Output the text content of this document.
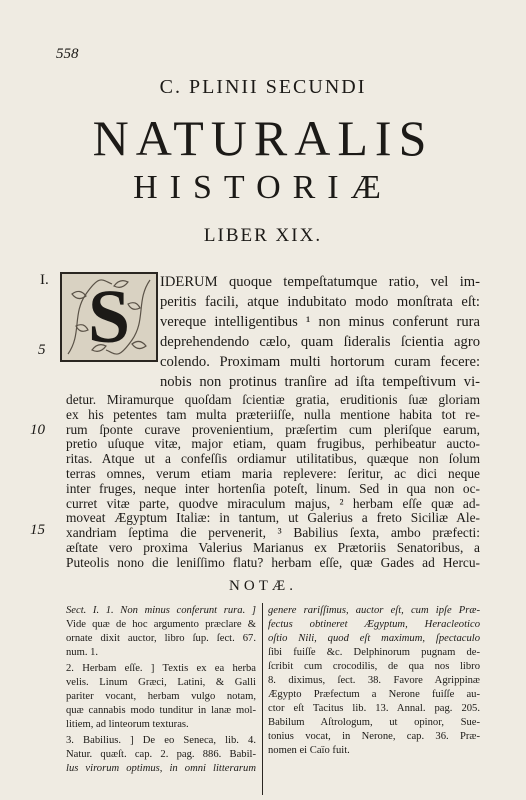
558
C. PLINII SECUNDI
NATURALIS
HISTORIÆ
LIBER XIX.
I. S
5
10
15
IDERUM quoque tempeſtatumque ratio, vel im-
peritis facili, atque indubitato modo monſtrata eſt:
vereque intelligentibus ¹ non minus conferunt rura
deprehendendo cælo, quam ſideralis ſcientia agro
colendo. Proximam multi hortorum curam fecere:
nobis non protinus tranſire ad iſta tempeſtivum vi-
NOTÆ.
Sect. I. 1. Non minus conferunt rura. ]
Vide quæ de hoc argumento præclare &
ornate dixit auctor, libro ſup. ſect. 67.
num. 1.
2. Herbam eſſe. ] Textis ex ea herba
velis. Linum Græci, Latini, & Galli
pariter vocant, herbam vulgo notam,
quæ cannabis modo tunditur in lanæ mol-
litiem, ad linteorum texturas.
3. Babilius. ] De eo Seneca, lib. 4.
Natur. quæſt. cap. 2. pag. 886. Babil-
lus virorum optimus, in omni litterarum
genere rariſſimus, auctor eſt, cum ipſe Præ-
fectus obtineret Ægyptum, Heracleotico
oſtio Nili, quod eſt maximum, ſpectaculo
ſibi fuiſſe &c. Delphinorum pugnam de-
ſcribit cum crocodilis, de qua nos libro
8. diximus, ſect. 38. Favore Agrippinæ
Ægypto Præfectum a Nerone fuiſſe au-
ctor eſt Tacitus lib. 13. Annal. pag. 205.
Babilum Aſtrologum, ut opinor, Sue-
tonius vocat, in Nerone, cap. 36. Præ-
nomen ei Caïo fuit.
detur. Miramurque quoſdam ſcientiæ gratia, eruditionis ſuæ gloriam
ex his petentes tam multa præteriiſſe, nulla mentione habita tot re-
rum ſponte curave provenientium, præſertim cum pleriſque earum,
pretio uſuque vitæ, major etiam, quam frugibus, perhibeatur aucto-
ritas. Atque ut a confeſſis ordiamur utilitatibus, quæque non ſolum
terras omnes, verum etiam maria replevere: ſeritur, ac dici neque
inter fruges, neque inter hortenſia poteſt, linum. Sed in qua non oc-
curret vitæ parte, quodve miraculum majus, ² herbam eſſe quæ ad-
moveat Ægyptum Italiæ: in tantum, ut Galerius a freto Siciliæ Ale-
xandriam ſeptima die pervenerit, ³ Babilius ſexta, ambo præfecti:
æſtate vero proxima Valerius Marianus ex Prætoriis Senatoribus, a
Puteolis nono die leniſſimo flatu? herbam eſſe, quæ Gades ad Hercu-
